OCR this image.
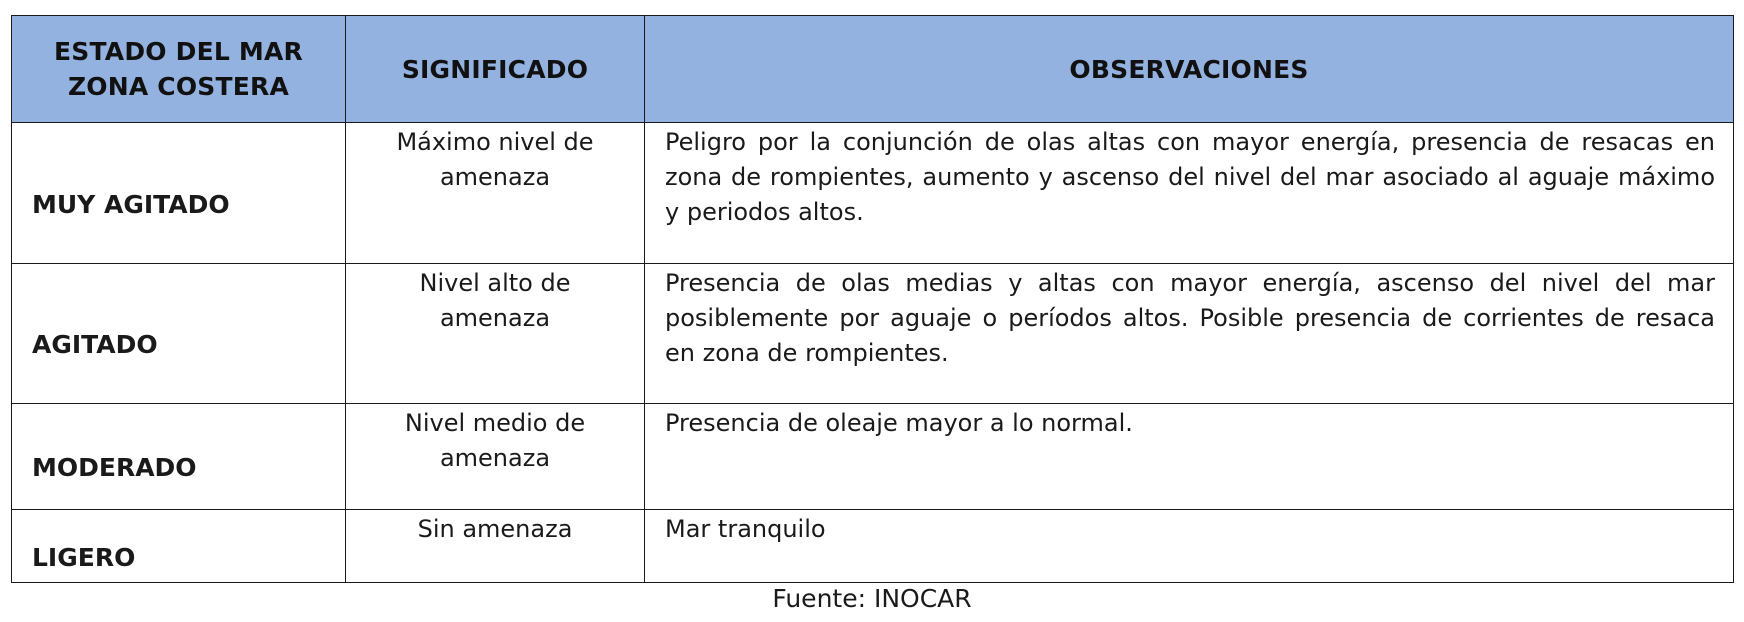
ESTADO DEL MAR ZONA COSTERA	SIGNIFICADO	OBSERVACIONES
MUY AGITADO	Máximo nivel de amenaza	Peligro por la conjunción de olas altas con mayor energía, presencia de resacas en zona de rompientes, aumento y ascenso del nivel del mar asociado al aguaje máximo y periodos altos.
AGITADO	Nivel alto de amenaza	Presencia de olas medias y altas con mayor energía, ascenso del nivel del mar posiblemente por aguaje o períodos altos. Posible presencia de corrientes de resaca en zona de rompientes.
MODERADO	Nivel medio de amenaza	Presencia de oleaje mayor a lo normal.
LIGERO	Sin amenaza	Mar tranquilo
Fuente: INOCAR
